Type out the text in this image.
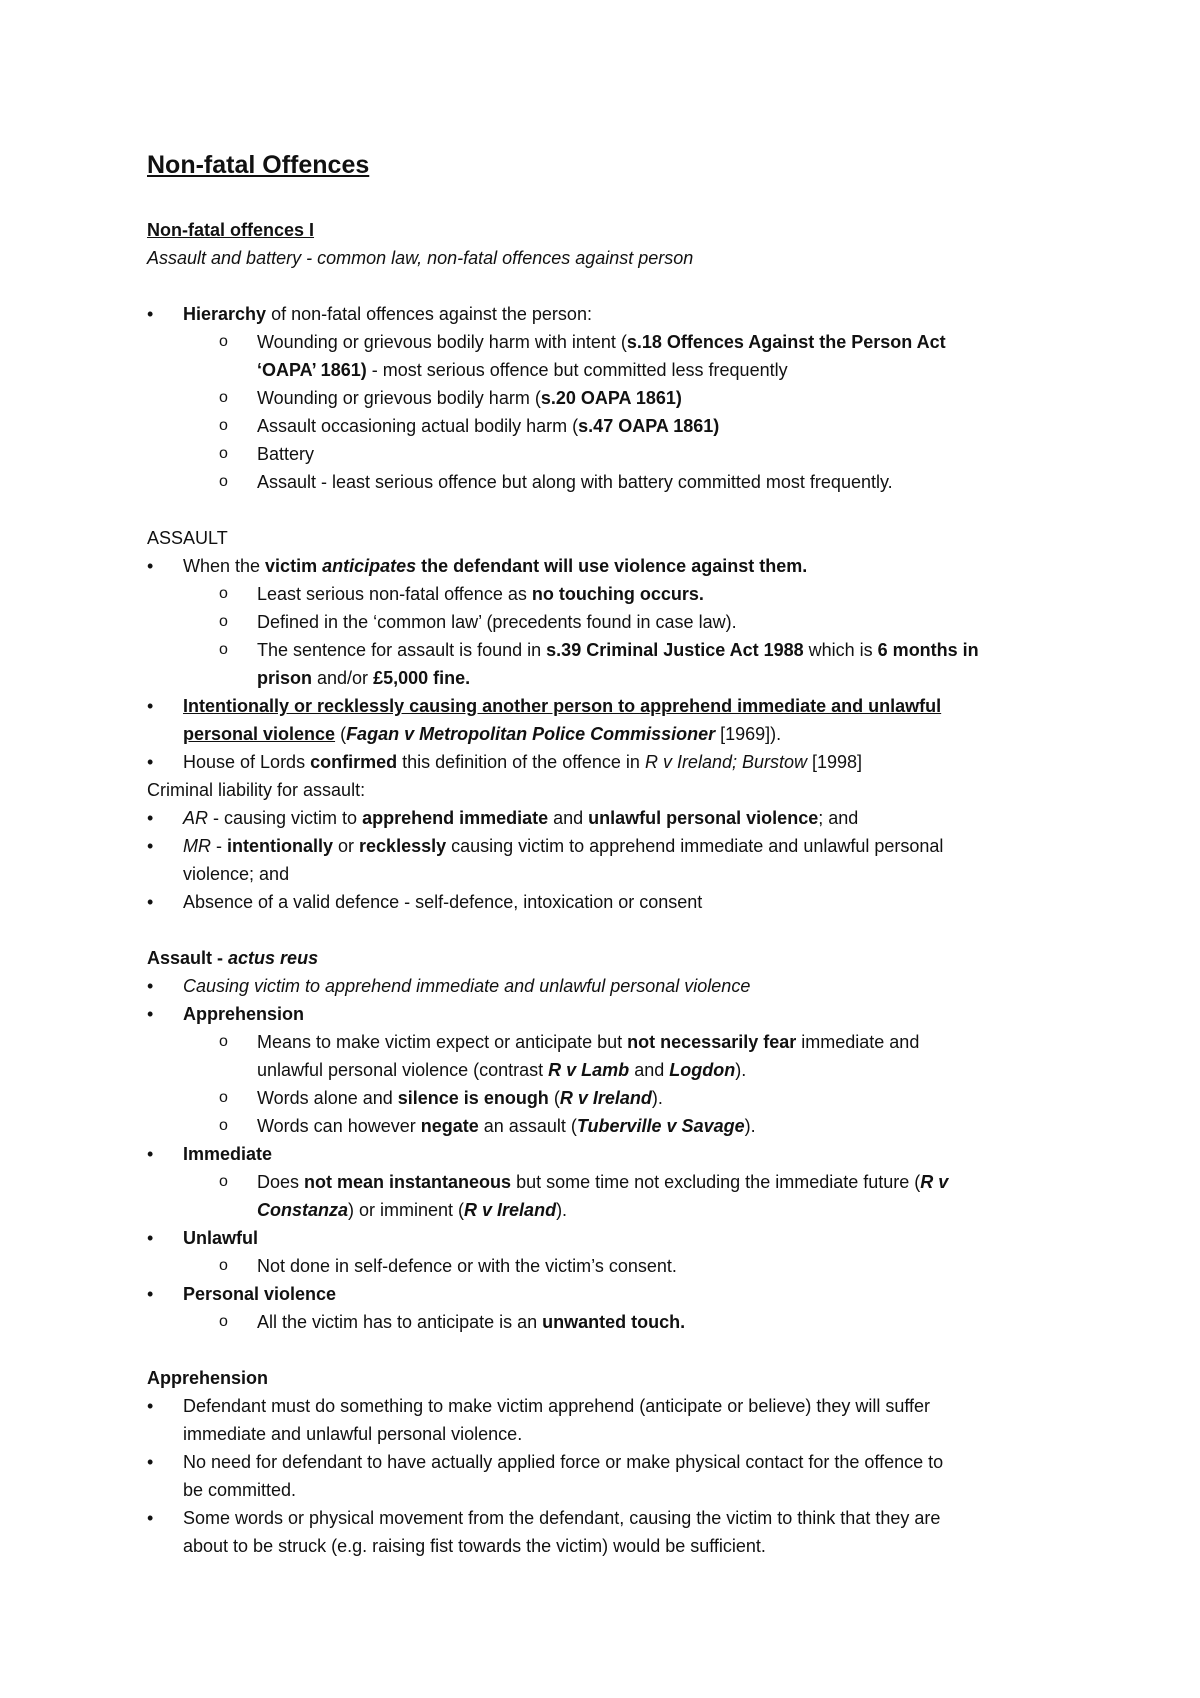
Non-fatal Offences
Non-fatal offences I
Assault and battery - common law, non-fatal offences against person
•	Hierarchy of non-fatal offences against the person:
o	Wounding or grievous bodily harm with intent (s.18 Offences Against the Person Act
‘OAPA’ 1861) - most serious offence but committed less frequently
o	Wounding or grievous bodily harm (s.20 OAPA 1861)
o	Assault occasioning actual bodily harm (s.47 OAPA 1861)
o	Battery
o	Assault - least serious offence but along with battery committed most frequently.
ASSAULT
•	When the victim anticipates the defendant will use violence against them.
o	Least serious non-fatal offence as no touching occurs.
o	Defined in the ‘common law’ (precedents found in case law).
o	The sentence for assault is found in s.39 Criminal Justice Act 1988 which is 6 months in
prison and/or £5,000 fine.
•	Intentionally or recklessly causing another person to apprehend immediate and unlawful
personal violence (Fagan v Metropolitan Police Commissioner [1969]).
•	House of Lords confirmed this definition of the offence in R v Ireland; Burstow [1998]
Criminal liability for assault:
•	AR - causing victim to apprehend immediate and unlawful personal violence; and
•	MR - intentionally or recklessly causing victim to apprehend immediate and unlawful personal
violence; and
•	Absence of a valid defence - self-defence, intoxication or consent
Assault - actus reus
•	Causing victim to apprehend immediate and unlawful personal violence
•	Apprehension
o	Means to make victim expect or anticipate but not necessarily fear immediate and
unlawful personal violence (contrast R v Lamb and Logdon).
o	Words alone and silence is enough (R v Ireland).
o	Words can however negate an assault (Tuberville v Savage).
•	Immediate
o	Does not mean instantaneous but some time not excluding the immediate future (R v
Constanza) or imminent (R v Ireland).
•	Unlawful
o	Not done in self-defence or with the victim’s consent.
•	Personal violence
o	All the victim has to anticipate is an unwanted touch.
Apprehension
•	Defendant must do something to make victim apprehend (anticipate or believe) they will suffer
immediate and unlawful personal violence.
•	No need for defendant to have actually applied force or make physical contact for the offence to
be committed.
•	Some words or physical movement from the defendant, causing the victim to think that they are
about to be struck (e.g. raising fist towards the victim) would be sufficient.
